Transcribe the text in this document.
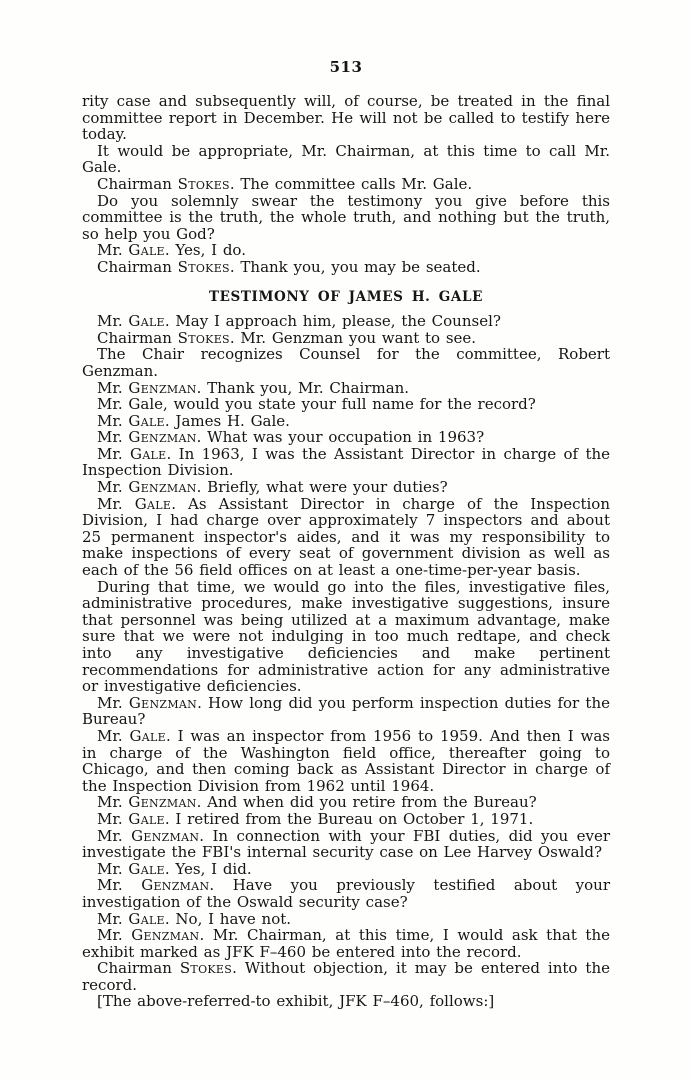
513

rity case and subsequently will, of course, be treated in the final committee report in December. He will not be called to testify here today.

It would be appropriate, Mr. Chairman, at this time to call Mr. Gale.

Chairman Stokes. The committee calls Mr. Gale.

Do you solemnly swear the testimony you give before this committee is the truth, the whole truth, and nothing but the truth, so help you God?

Mr. Gale. Yes, I do.

Chairman Stokes. Thank you, you may be seated.

TESTIMONY OF JAMES H. GALE

Mr. Gale. May I approach him, please, the Counsel?

Chairman Stokes. Mr. Genzman you want to see.

The Chair recognizes Counsel for the committee, Robert Genzman.

Mr. Genzman. Thank you, Mr. Chairman.

Mr. Gale, would you state your full name for the record?

Mr. Gale. James H. Gale.

Mr. Genzman. What was your occupation in 1963?

Mr. Gale. In 1963, I was the Assistant Director in charge of the Inspection Division.

Mr. Genzman. Briefly, what were your duties?

Mr. Gale. As Assistant Director in charge of the Inspection Division, I had charge over approximately 7 inspectors and about 25 permanent inspector's aides, and it was my responsibility to make inspections of every seat of government division as well as each of the 56 field offices on at least a one-time-per-year basis.

During that time, we would go into the files, investigative files, administrative procedures, make investigative suggestions, insure that personnel was being utilized at a maximum advantage, make sure that we were not indulging in too much redtape, and check into any investigative deficiencies and make pertinent recommendations for administrative action for any administrative or investigative deficiencies.

Mr. Genzman. How long did you perform inspection duties for the Bureau?

Mr. Gale. I was an inspector from 1956 to 1959. And then I was in charge of the Washington field office, thereafter going to Chicago, and then coming back as Assistant Director in charge of the Inspection Division from 1962 until 1964.

Mr. Genzman. And when did you retire from the Bureau?

Mr. Gale. I retired from the Bureau on October 1, 1971.

Mr. Genzman. In connection with your FBI duties, did you ever investigate the FBI's internal security case on Lee Harvey Oswald?

Mr. Gale. Yes, I did.

Mr. Genzman. Have you previously testified about your investigation of the Oswald security case?

Mr. Gale. No, I have not.

Mr. Genzman. Mr. Chairman, at this time, I would ask that the exhibit marked as JFK F–460 be entered into the record.

Chairman Stokes. Without objection, it may be entered into the record.

[The above-referred-to exhibit, JFK F–460, follows:]
